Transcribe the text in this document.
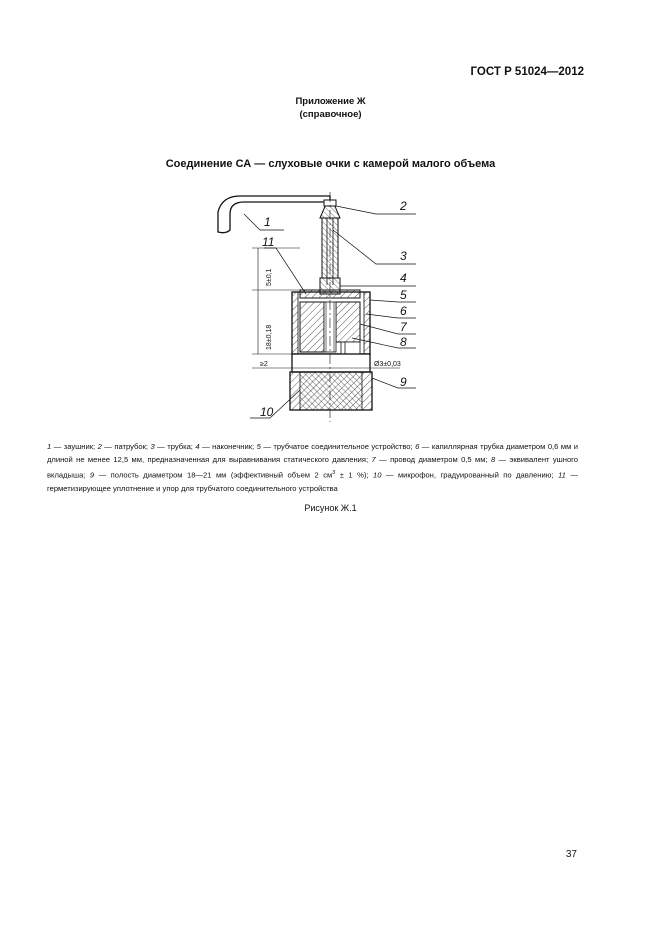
ГОСТ Р 51024—2012
Приложение Ж
(справочное)
Соединение СА — слуховые очки с камерой малого объема
5±0,1
18±0,18
≥2	Ø3±0,03
1
2
3
4
5
6
7
8
9
10
11
1 — заушник; 2 — патрубок; 3 — трубка; 4 — наконечник; 5 — трубчатое соединительное устройство; 6 — капиллярная трубка диаметром 0,6 мм и длиной не менее 12,5 мм, предназначенная для выравнивания статического давления; 7 — провод диаметром 0,5 мм; 8 — эквивалент ушного вкладыша; 9 — полость диаметром 18—21 мм (эффективный объем 2 $см^3 \pm 1$ %); 10 — микрофон, градуированный по давлению; 11 — герметизирующее уплотнение и упор для трубчатого соединительного устройства
Рисунок Ж.1
37
